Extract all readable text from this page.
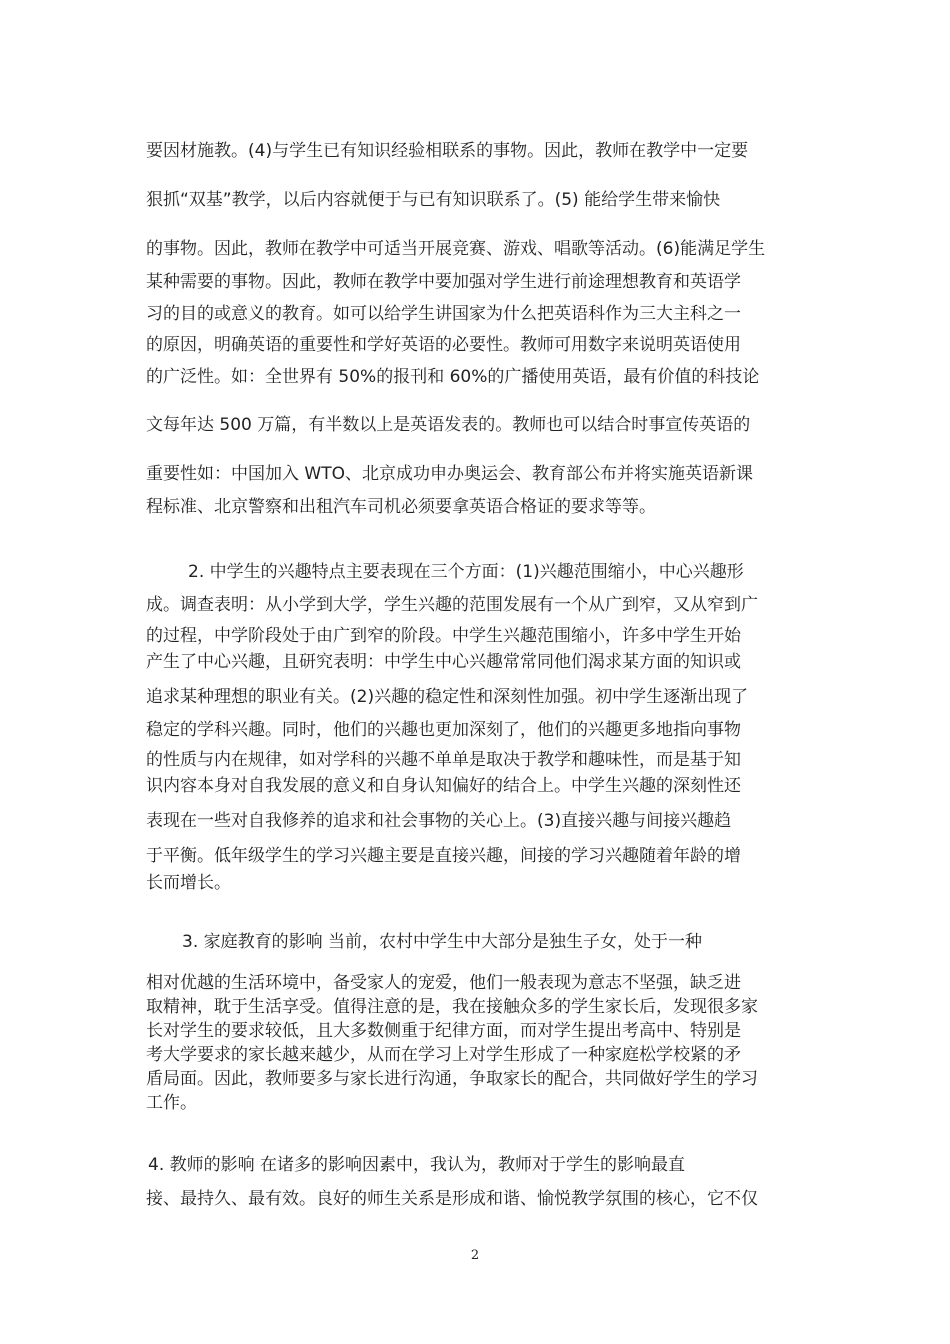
要因材施教。(4)与学生已有知识经验相联系的事物。因此，教师在教学中一定要
狠抓“双基”教学，以后内容就便于与已有知识联系了。(5) 能给学生带来愉快
的事物。因此，教师在教学中可适当开展竞赛、游戏、唱歌等活动。(6)能满足学生
某种需要的事物。因此，教师在教学中要加强对学生进行前途理想教育和英语学
习的目的或意义的教育。如可以给学生讲国家为什么把英语科作为三大主科之一
的原因，明确英语的重要性和学好英语的必要性。教师可用数字来说明英语使用
的广泛性。如：全世界有 50%的报刊和 60%的广播使用英语，最有价值的科技论
文每年达 500 万篇，有半数以上是英语发表的。教师也可以结合时事宣传英语的
重要性如：中国加入 WTO、北京成功申办奥运会、教育部公布并将实施英语新课
程标准、北京警察和出租汽车司机必须要拿英语合格证的要求等等。
2. 中学生的兴趣特点主要表现在三个方面：(1)兴趣范围缩小，中心兴趣形
成。调查表明：从小学到大学，学生兴趣的范围发展有一个从广到窄，又从窄到广
的过程，中学阶段处于由广到窄的阶段。中学生兴趣范围缩小，许多中学生开始
产生了中心兴趣，且研究表明：中学生中心兴趣常常同他们渴求某方面的知识或
追求某种理想的职业有关。(2)兴趣的稳定性和深刻性加强。初中学生逐渐出现了
稳定的学科兴趣。同时，他们的兴趣也更加深刻了，他们的兴趣更多地指向事物
的性质与内在规律，如对学科的兴趣不单单是取决于教学和趣味性，而是基于知
识内容本身对自我发展的意义和自身认知偏好的结合上。中学生兴趣的深刻性还
表现在一些对自我修养的追求和社会事物的关心上。(3)直接兴趣与间接兴趣趋
于平衡。低年级学生的学习兴趣主要是直接兴趣，间接的学习兴趣随着年龄的增
长而增长。
3. 家庭教育的影响 当前，农村中学生中大部分是独生子女，处于一种
相对优越的生活环境中，备受家人的宠爱，他们一般表现为意志不坚强，缺乏进
取精神，耽于生活享受。值得注意的是，我在接触众多的学生家长后，发现很多家
长对学生的要求较低，且大多数侧重于纪律方面，而对学生提出考高中、特别是
考大学要求的家长越来越少，从而在学习上对学生形成了一种家庭松学校紧的矛
盾局面。因此，教师要多与家长进行沟通，争取家长的配合，共同做好学生的学习
工作。
4. 教师的影响 在诸多的影响因素中，我认为，教师对于学生的影响最直
接、最持久、最有效。良好的师生关系是形成和谐、愉悦教学氛围的核心，它不仅
2
